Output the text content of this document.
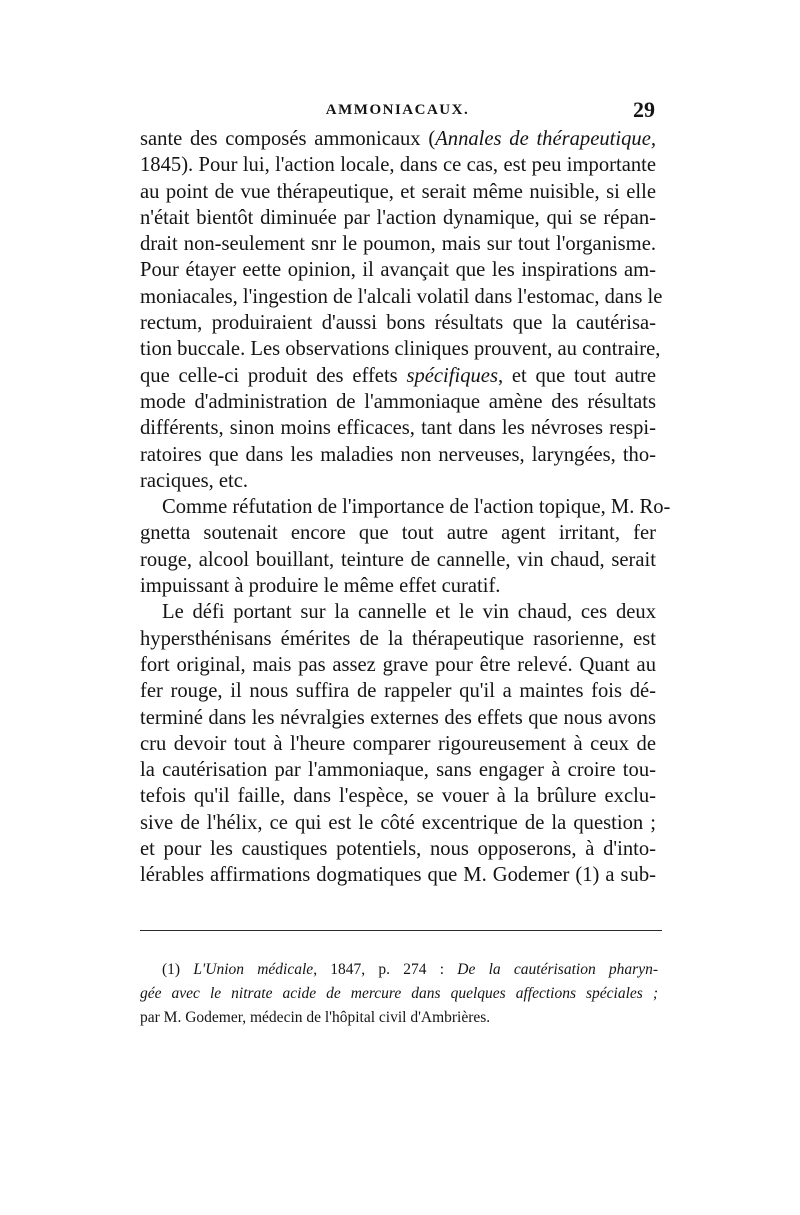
AMMONIACAUX.	29
sante des composés ammonicaux (Annales de thérapeutique,
1845). Pour lui, l'action locale, dans ce cas, est peu importante
au point de vue thérapeutique, et serait même nuisible, si elle
n'était bientôt diminuée par l'action dynamique, qui se répan-
drait non-seulement snr le poumon, mais sur tout l'organisme.
Pour étayer eette opinion, il avançait que les inspirations am-
moniacales, l'ingestion de l'alcali volatil dans l'estomac, dans le
rectum, produiraient d'aussi bons résultats que la cautérisa-
tion buccale. Les observations cliniques prouvent, au contraire,
que celle-ci produit des effets spécifiques, et que tout autre
mode d'administration de l'ammoniaque amène des résultats
différents, sinon moins efficaces, tant dans les névroses respi-
ratoires que dans les maladies non nerveuses, laryngées, tho-
raciques, etc.
Comme réfutation de l'importance de l'action topique, M. Ro-
gnetta soutenait encore que tout autre agent irritant, fer
rouge, alcool bouillant, teinture de cannelle, vin chaud, serait
impuissant à produire le même effet curatif.
Le défi portant sur la cannelle et le vin chaud, ces deux
hypersthénisans émérites de la thérapeutique rasorienne, est
fort original, mais pas assez grave pour être relevé. Quant au
fer rouge, il nous suffira de rappeler qu'il a maintes fois dé-
terminé dans les névralgies externes des effets que nous avons
cru devoir tout à l'heure comparer rigoureusement à ceux de
la cautérisation par l'ammoniaque, sans engager à croire tou-
tefois qu'il faille, dans l'espèce, se vouer à la brûlure exclu-
sive de l'hélix, ce qui est le côté excentrique de la question ;
et pour les caustiques potentiels, nous opposerons, à d'into-
lérables affirmations dogmatiques que M. Godemer (1) a sub-
(1) L'Union médicale, 1847, p. 274 : De la cautérisation pharyn-
gée avec le nitrate acide de mercure dans quelques affections spéciales ;
par M. Godemer, médecin de l'hôpital civil d'Ambrières.
